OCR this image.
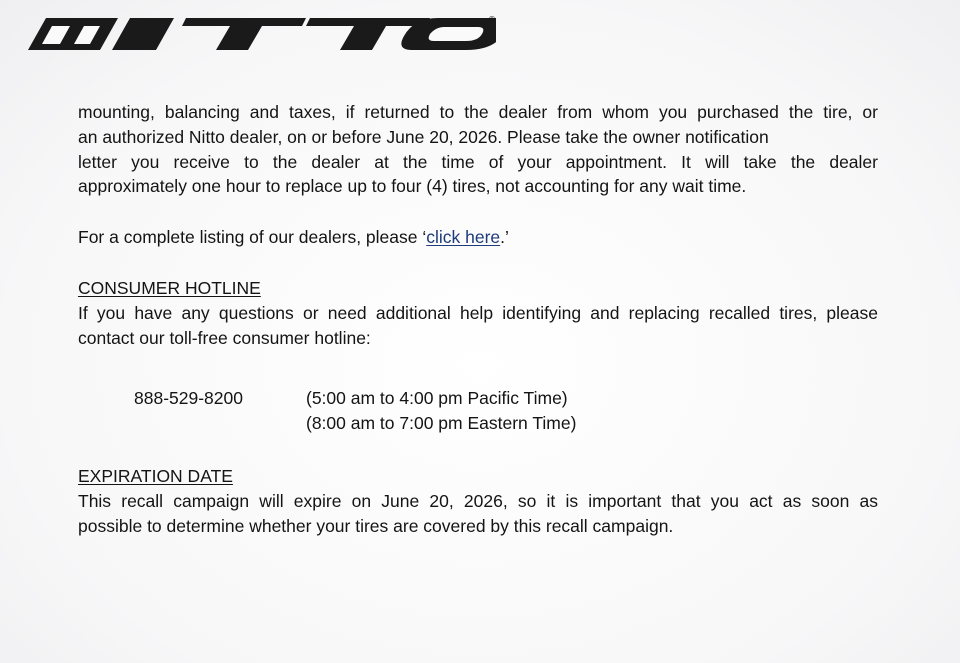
®
mounting, balancing and taxes, if returned to the dealer from whom you purchased the tire, or
an authorized Nitto dealer, on or before June 20, 2026. Please take the owner notification
letter you receive to the dealer at the time of your appointment. It will take the dealer
approximately one hour to replace up to four (4) tires, not accounting for any wait time.

For a complete listing of our dealers, please ‘click here.’

CONSUMER HOTLINE

If you have any questions or need additional help identifying and replacing recalled tires, please
contact our toll-free consumer hotline:
888-529-8200	(5:00 am to 4:00 pm Pacific Time)
(8:00 am to 7:00 pm Eastern Time)

EXPIRATION DATE

This recall campaign will expire on June 20, 2026, so it is important that you act as soon as
possible to determine whether your tires are covered by this recall campaign.
